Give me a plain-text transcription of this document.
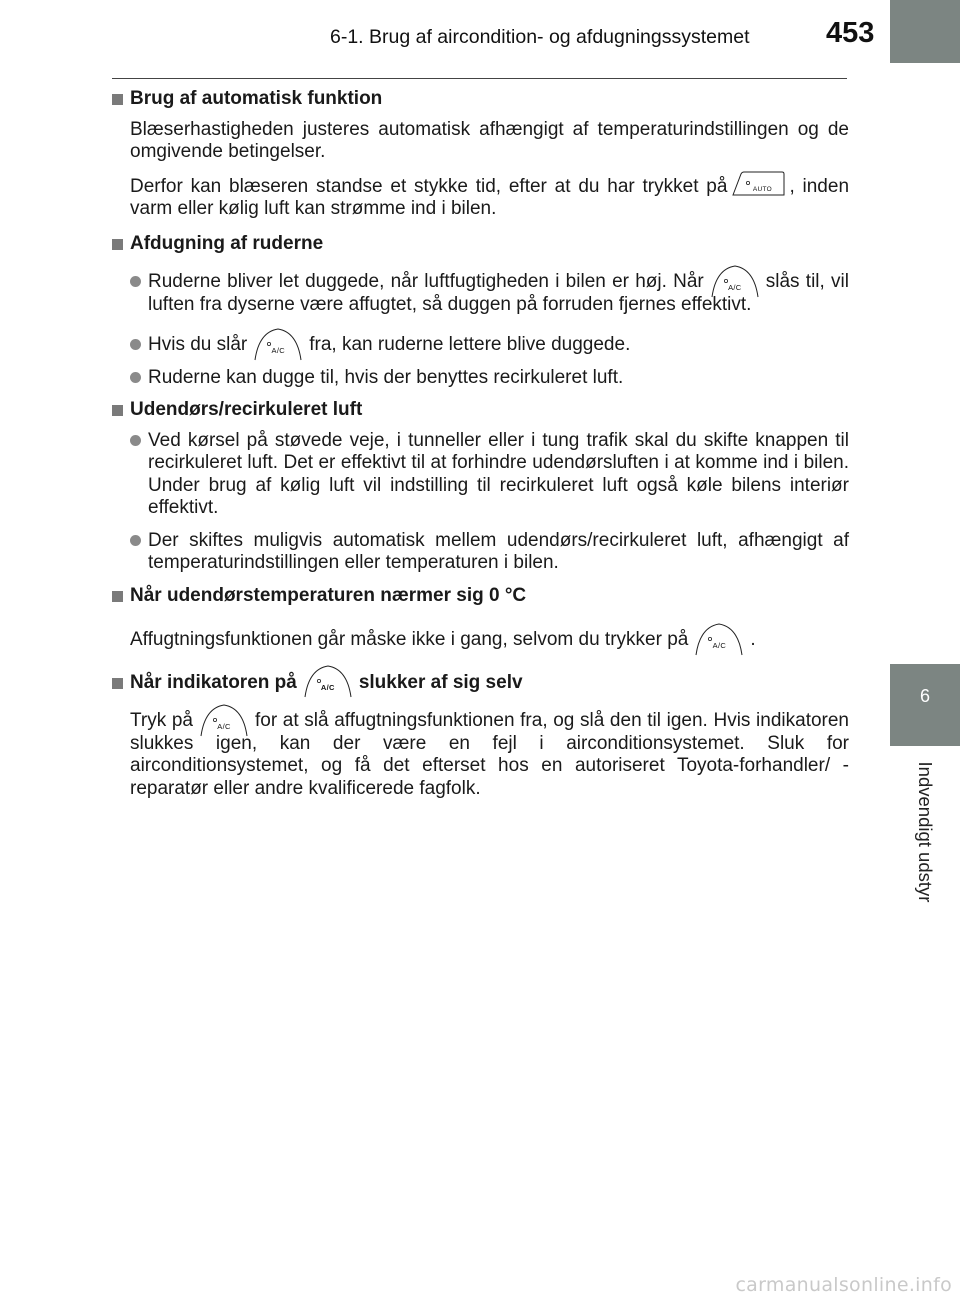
6-1. Brug af aircondition- og afdugningssystemet	453
6
Indvendigt udstyr
Brug af automatisk funktion
Blæserhastigheden justeres automatisk afhængigt af temperaturindstillingen og de omgivende betingelser.
Derfor kan blæseren standse et stykke tid, efter at du har trykket på	AUTO , inden varm eller kølig luft kan strømme ind i bilen.
Afdugning af ruderne
Ruderne bliver let duggede, når luftfugtigheden i bilen er høj. Når	A/C	slås til, vil luften fra dyserne være affugtet, så duggen på forruden fjernes effektivt.
Hvis du slår	A/C	fra, kan ruderne lettere blive duggede.
Ruderne kan dugge til, hvis der benyttes recirkuleret luft.
Udendørs/recirkuleret luft
Ved kørsel på støvede veje, i tunneller eller i tung trafik skal du skifte knappen til recirkuleret luft. Det er effektivt til at forhindre udendørsluften i at komme ind i bilen. Under brug af kølig luft vil indstilling til recirkuleret luft også køle bilens interiør effektivt.
Der skiftes muligvis automatisk mellem udendørs/recirkuleret luft, afhængigt af temperaturindstillingen eller temperaturen i bilen.
Når udendørstemperaturen nærmer sig 0 °C
Affugtningsfunktionen går måske ikke i gang, selvom du trykker på	A/C	.
Når indikatoren på	A/C	slukker af sig selv
Tryk på	A/C	for at slå affugtningsfunktionen fra, og slå den til igen. Hvis indikatoren slukkes igen, kan der være en fejl i airconditionsystemet. Sluk for airconditionsystemet, og få det efterset hos en autoriseret Toyota-forhandler/ -reparatør eller andre kvalificerede fagfolk.
carmanualsonline.info
